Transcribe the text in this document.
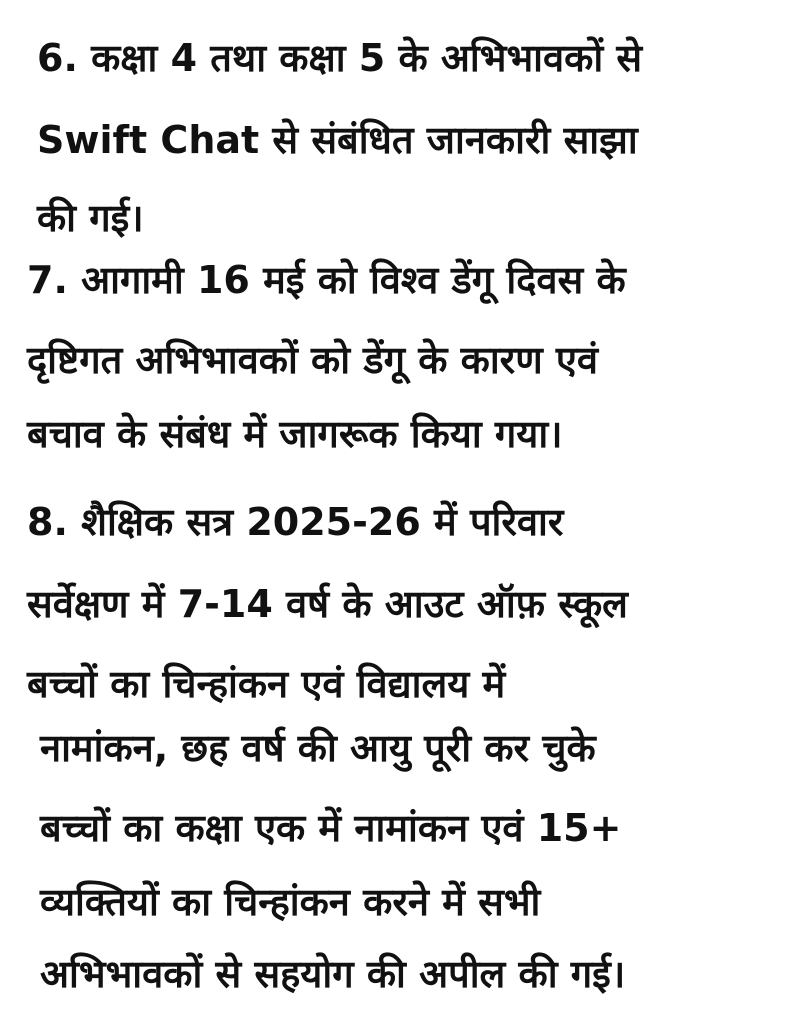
6. कक्षा 4 तथा कक्षा 5 के अभिभावकों से
Swift Chat से संबंधित जानकारी साझा
की गई।
7. आगामी 16 मई को विश्व डेंगू दिवस के
दृष्टिगत अभिभावकों को डेंगू के कारण एवं
बचाव के संबंध में जागरूक किया गया।
8. शैक्षिक सत्र 2025-26 में परिवार
सर्वेक्षण में 7-14 वर्ष के आउट ऑफ़ स्कूल
बच्चों का चिन्हांकन एवं विद्यालय में
नामांकन, छह वर्ष की आयु पूरी कर चुके
बच्चों का कक्षा एक में नामांकन एवं 15+
व्यक्तियों का चिन्हांकन करने में सभी
अभिभावकों से सहयोग की अपील की गई।
